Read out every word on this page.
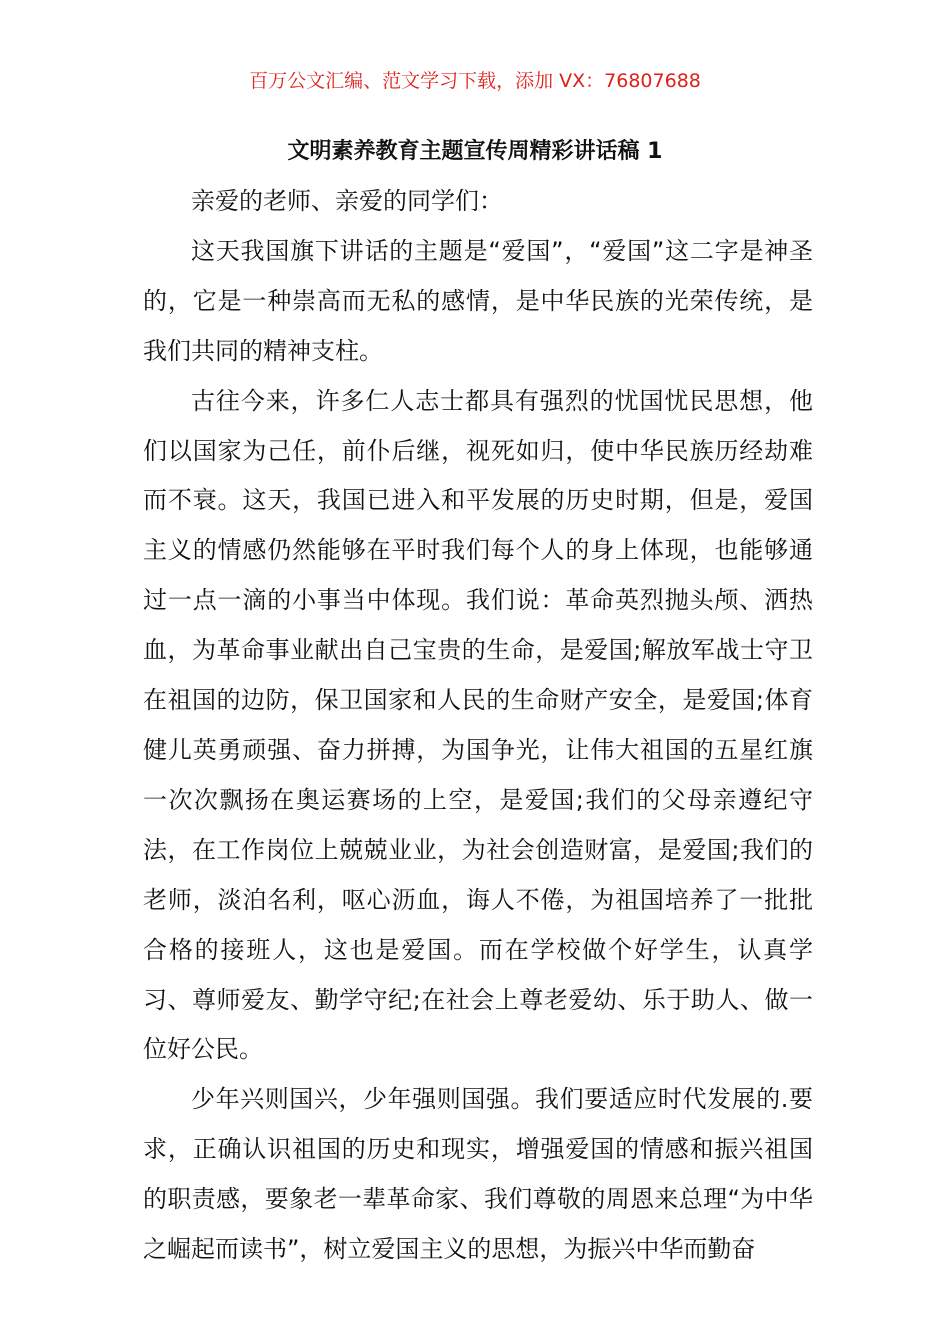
百万公文汇编、范文学习下载，添加 VX：76807688
文明素养教育主题宣传周精彩讲话稿 1

亲爱的老师、亲爱的同学们：

这天我国旗下讲话的主题是“爱国”，“爱国”这二字是神圣的，它是一种崇高而无私的感情，是中华民族的光荣传统，是我们共同的精神支柱。

古往今来，许多仁人志士都具有强烈的忧国忧民思想，他们以国家为己任，前仆后继，视死如归，使中华民族历经劫难而不衰。这天，我国已进入和平发展的历史时期，但是，爱国主义的情感仍然能够在平时我们每个人的身上体现，也能够通过一点一滴的小事当中体现。我们说：革命英烈抛头颅、洒热血，为革命事业献出自己宝贵的生命，是爱国;解放军战士守卫在祖国的边防，保卫国家和人民的生命财产安全，是爱国;体育健儿英勇顽强、奋力拼搏，为国争光，让伟大祖国的五星红旗一次次飘扬在奥运赛场的上空，是爱国;我们的父母亲遵纪守法，在工作岗位上兢兢业业，为社会创造财富，是爱国;我们的老师，淡泊名利，呕心沥血，诲人不倦，为祖国培养了一批批合格的接班人，这也是爱国。而在学校做个好学生，认真学习、尊师爱友、勤学守纪;在社会上尊老爱幼、乐于助人、做一位好公民。

少年兴则国兴，少年强则国强。我们要适应时代发展的.要求，正确认识祖国的历史和现实，增强爱国的情感和振兴祖国的职责感，要象老一辈革命家、我们尊敬的周恩来总理“为中华之崛起而读书”，树立爱国主义的思想，为振兴中华而勤奋
